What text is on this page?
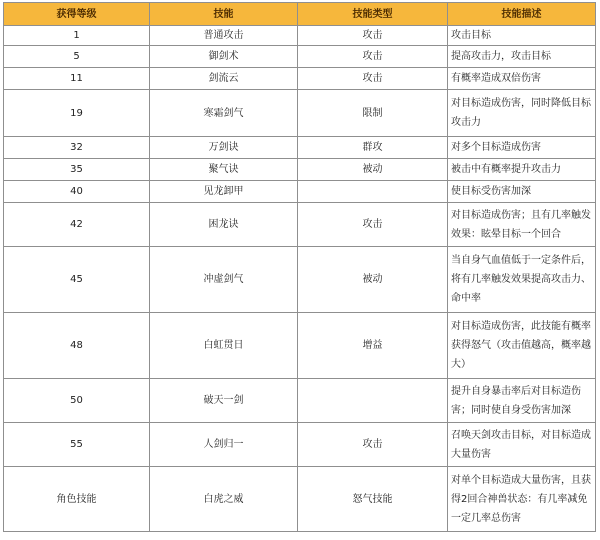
获得等级	技能	技能类型	技能描述
1	普通攻击	攻击	攻击目标
5	御剑术	攻击	提高攻击力，攻击目标
11	剑流云	攻击	有概率造成双倍伤害
19	寒霜剑气	限制	对目标造成伤害，同时降低目标攻击力
32	万剑诀	群攻	对多个目标造成伤害
35	聚气诀	被动	被击中有概率提升攻击力
40	见龙卸甲		使目标受伤害加深
42	困龙诀	攻击	对目标造成伤害；且有几率触发效果：眩晕目标一个回合
45	冲虚剑气	被动	当自身气血值低于一定条件后，将有几率触发效果提高攻击力、命中率
48	白虹贯日	增益	对目标造成伤害，此技能有概率获得怒气（攻击值越高，概率越大）
50	破天一剑		提升自身暴击率后对目标造伤害；同时使自身受伤害加深
55	人剑归一	攻击	召唤天剑攻击目标，对目标造成大量伤害
角色技能	白虎之威	怒气技能	对单个目标造成大量伤害，且获得2回合神兽状态：有几率减免一定几率总伤害
